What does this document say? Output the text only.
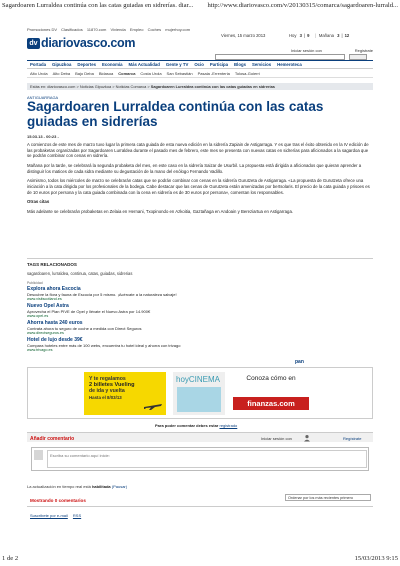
Sagardoaren Lurraldea continúa con las catas guiadas en sidrerías. diar... http://www.diariovasco.com/v/20130315/comarca/sagardoaren-lurrald...
Promociones DV Clasificados 11870.com Vivienda Empleo Coches mujerhoy.com
dv diariovasco.com
Viernes, 15 marzo 2013	Hoy 3 | 9 | Mañana 3 | 12
Iniciar sesión con	Registrate
Portada Gipuzkoa Deportes Economía Más Actualidad Gente y TV Ocio Participa Blogs Servicios Hemeroteca
Alto Urola Alto Deba Bajo Deba Bidasoa Comarca Costa Urola San Sebastián Pasaia -Errenteria Tolosa-Goierri
Estás en: diariovasco.com > Noticias Gipuzkoa > Noticias Comarca > Sagardoaren Lurraldea continúa con las catas guiadas en sidrerías
ANTIGUARRAGA
Sagardoaren Lurraldea continúa con las catas guiadas en sidrerías
15.03.13 - 00:23 -

A comienzos de este mes de marzo tuvo lugar la primera cata guiada de esta nueva edición en la sidrería Zapiain de Astigarraga. Y es que tras el éxito obtenido en la IV edición de las probaketas organizadas por Sagardoaren Lurraldea durante el pasado mes de febrero, este mes se presenta con nuevas catas en sidrerías para aficionados a la sagardoa que se podrán combinar con cenas en sidrería.

Mañana por la tarde, se celebrará la segunda probaketa del mes, en este caso en la sidrería Saizar de Usurbil. La propuesta está dirigida a aficionados que quieran aprender a distinguir los matices de cada sidra mediante su degustación de la mano del enólogo Fernando Vadillo.

Asimismo, todos los miércoles de marzo se celebrarán catas que se podrán combinar con cenas en la sidrería Gurutzeta de Astigarraga. «La propuesta de Gurutzeta ofrece una iniciación a la cata dirigida por los profesionales de la bodega. Cabe destacar que las cenas de Gurutzeta están amenizadas por bertsolaris. El precio de la cata guiada y prisoes es de 10 euros por persona y la cata guiada combinada con la cena en sidrería es de 30 euros por persona», comentan los responsables.

Otras citas

Más adelante se celebrarán probaketas en Zelaia en Hernani, Txopinondo en Azkoitia, Gaztañaga en Andoain y Bereziartua en Astigarraga.

TAGS RELACIONADOS
sagardoaren, lurraldea, continua, catas, guiadas, sidrerias
Publicidad
Explora ahora Escocia
Descubre la flora y fauna de Escocia por 5 mismo. ¡Acércate a la naturaleza salvaje!
www.visitscotland.es
Nuevo Opel Astra
Aprovecha el Plan PIVE de Opel y llévate el Nuevo Astra por 14.900€
www.opel.es
Ahorra hasta 240 euros
Contrata ahora tu seguro de coche a medida con Direct Seguros
www.directseguros.es
Hotel de lujo desde 39€
Compara hoteles entre más de 100 webs, encuentra tu hotel ideal y ahorra con trivago
www.trivago.es
pan
Y te regalamos
2 billetes Vueling
de ida y vuelta
Hasta el 8/03/13
hoyCINEMA	Conoza cómo en
finanzas.com
Para poder comentar debes estar registrado
Añadir comentario	Iniciar sesión con	Regístrate
Escriba su comentario aquí inicie:
La actualización en tiempo real está habilitada (Pausar)
Ordenar por los más recientes primero
Mostrando 0 comentarios
Suscribete por e-mail RSS
1 de 2	15/03/2013 9:15
